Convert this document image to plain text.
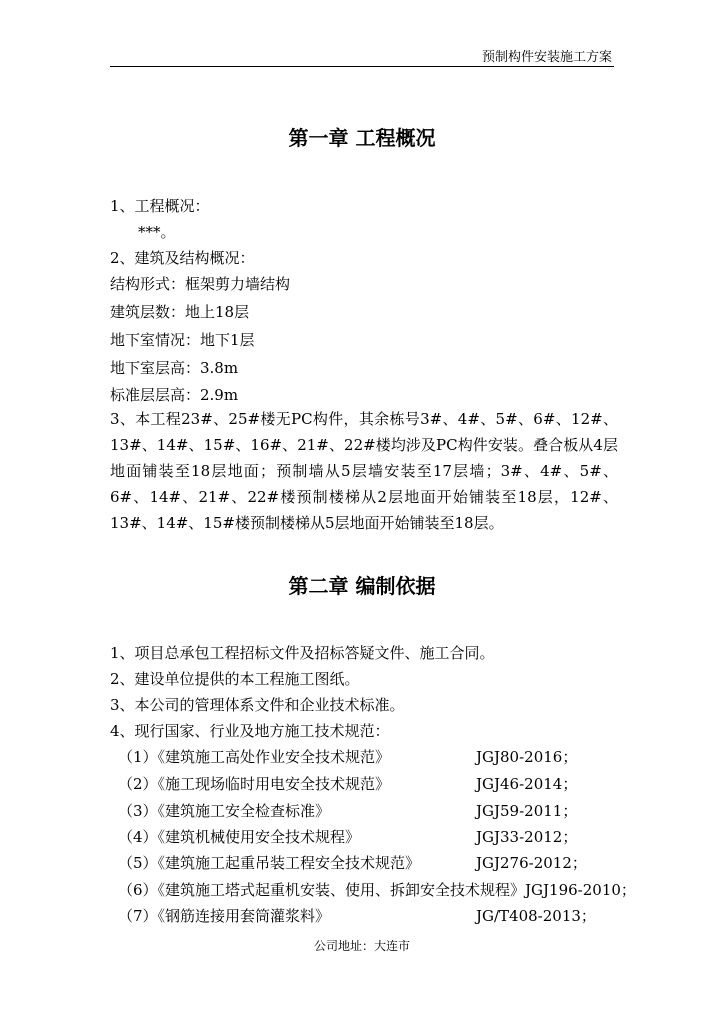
预制构件安装施工方案
第一章 工程概况
1、工程概况：
***。
2、建筑及结构概况：
结构形式：框架剪力墙结构
建筑层数：地上18层
地下室情况：地下1层
地下室层高：3.8m
标准层层高：2.9m
3、本工程23#、25#楼无PC构件，其余栋号3#、4#、5#、6#、12#、13#、14#、15#、16#、21#、22#楼均涉及PC构件安装。叠合板从4层地面铺装至18层地面；预制墙从5层墙安装至17层墙；3#、4#、5#、6#、14#、21#、22#楼预制楼梯从2层地面开始铺装至18层，12#、13#、14#、15#楼预制楼梯从5层地面开始铺装至18层。
第二章 编制依据
1、项目总承包工程招标文件及招标答疑文件、施工合同。
2、建设单位提供的本工程施工图纸。
3、本公司的管理体系文件和企业技术标准。
4、现行国家、行业及地方施工技术规范：
（1）《建筑施工高处作业安全技术规范》	JGJ80-2016；
（2）《施工现场临时用电安全技术规范》	JGJ46-2014；
（3）《建筑施工安全检查标准》	JGJ59-2011；
（4）《建筑机械使用安全技术规程》	JGJ33-2012；
（5）《建筑施工起重吊装工程安全技术规范》	JGJ276-2012；
（6）《建筑施工塔式起重机安装、使用、拆卸安全技术规程》JGJ196-2010；
（7）《钢筋连接用套筒灌浆料》	JG/T408-2013；
公司地址：大连市
